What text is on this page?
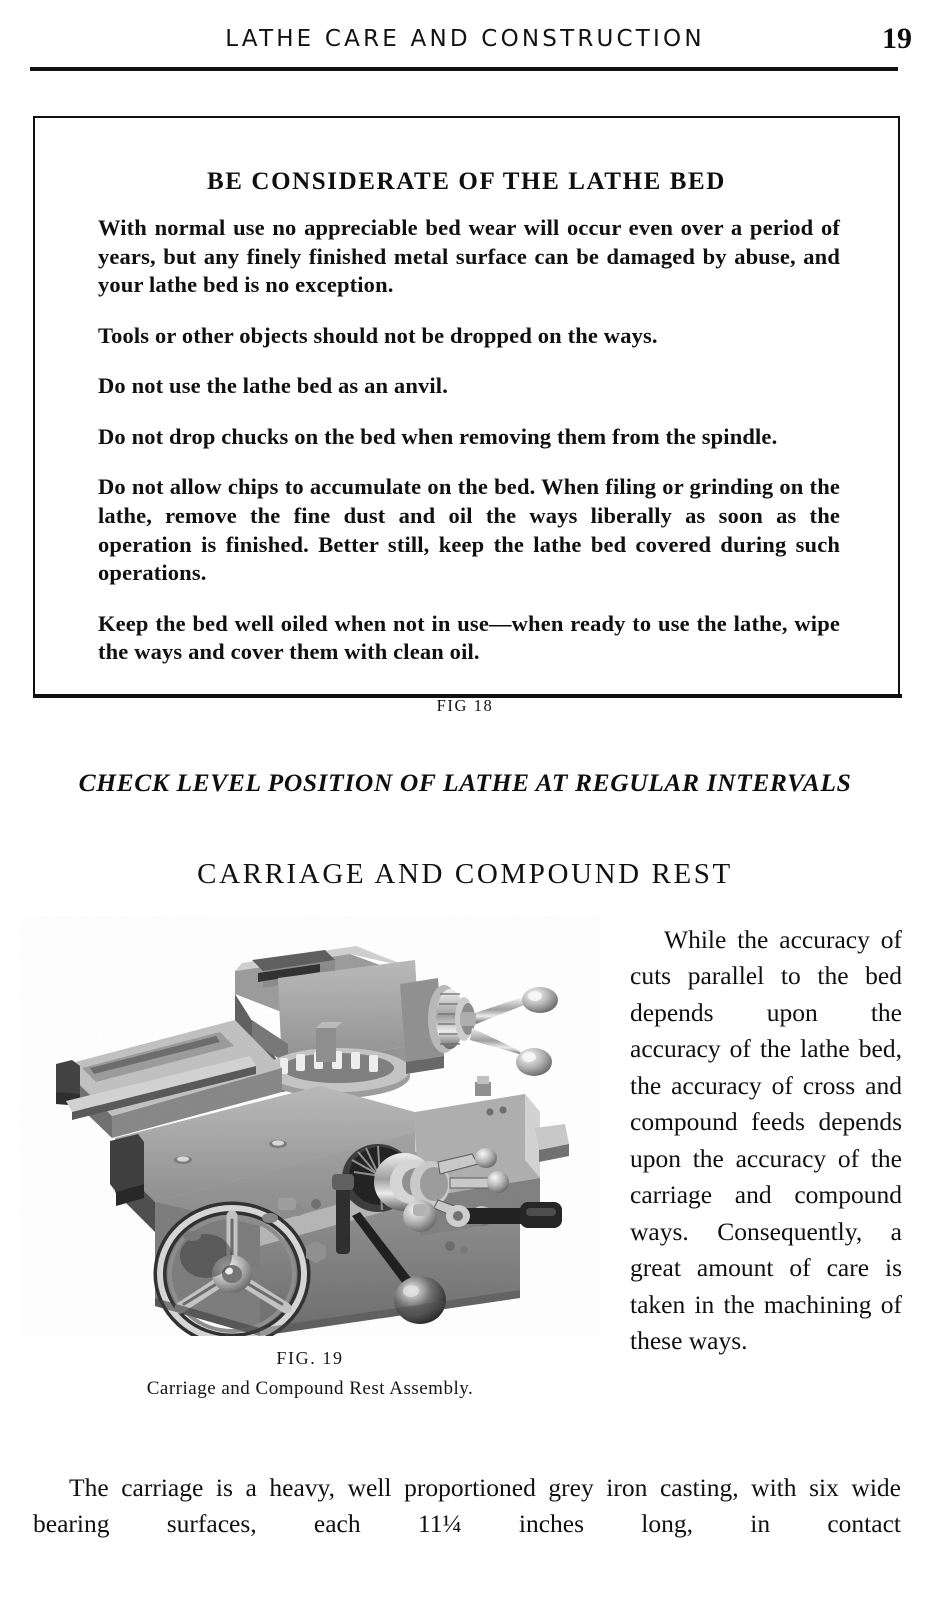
LATHE CARE AND CONSTRUCTION	19
BE CONSIDERATE OF THE LATHE BED

With normal use no appreciable bed wear will occur even over a period of years, but any finely finished metal surface can be damaged by abuse, and your lathe bed is no exception.

Tools or other objects should not be dropped on the ways.

Do not use the lathe bed as an anvil.

Do not drop chucks on the bed when removing them from the spindle.

Do not allow chips to accumulate on the bed. When filing or grinding on the lathe, remove the fine dust and oil the ways liberally as soon as the operation is finished. Better still, keep the lathe bed covered during such operations.

Keep the bed well oiled when not in use—when ready to use the lathe, wipe the ways and cover them with clean oil.

FIG 18
CHECK LEVEL POSITION OF LATHE AT REGULAR INTERVALS
CARRIAGE AND COMPOUND REST
FIG. 19
Carriage and Compound Rest Assembly.

While the accuracy of cuts parallel to the bed depends upon the accuracy of the lathe bed, the accuracy of cross and compound feeds depends upon the accuracy of the carriage and compound ways. Consequently, a great amount of care is taken in the machining of these ways.

The carriage is a heavy, well proportioned grey iron casting, with six wide bearing surfaces, each 11¼ inches long, in contact
